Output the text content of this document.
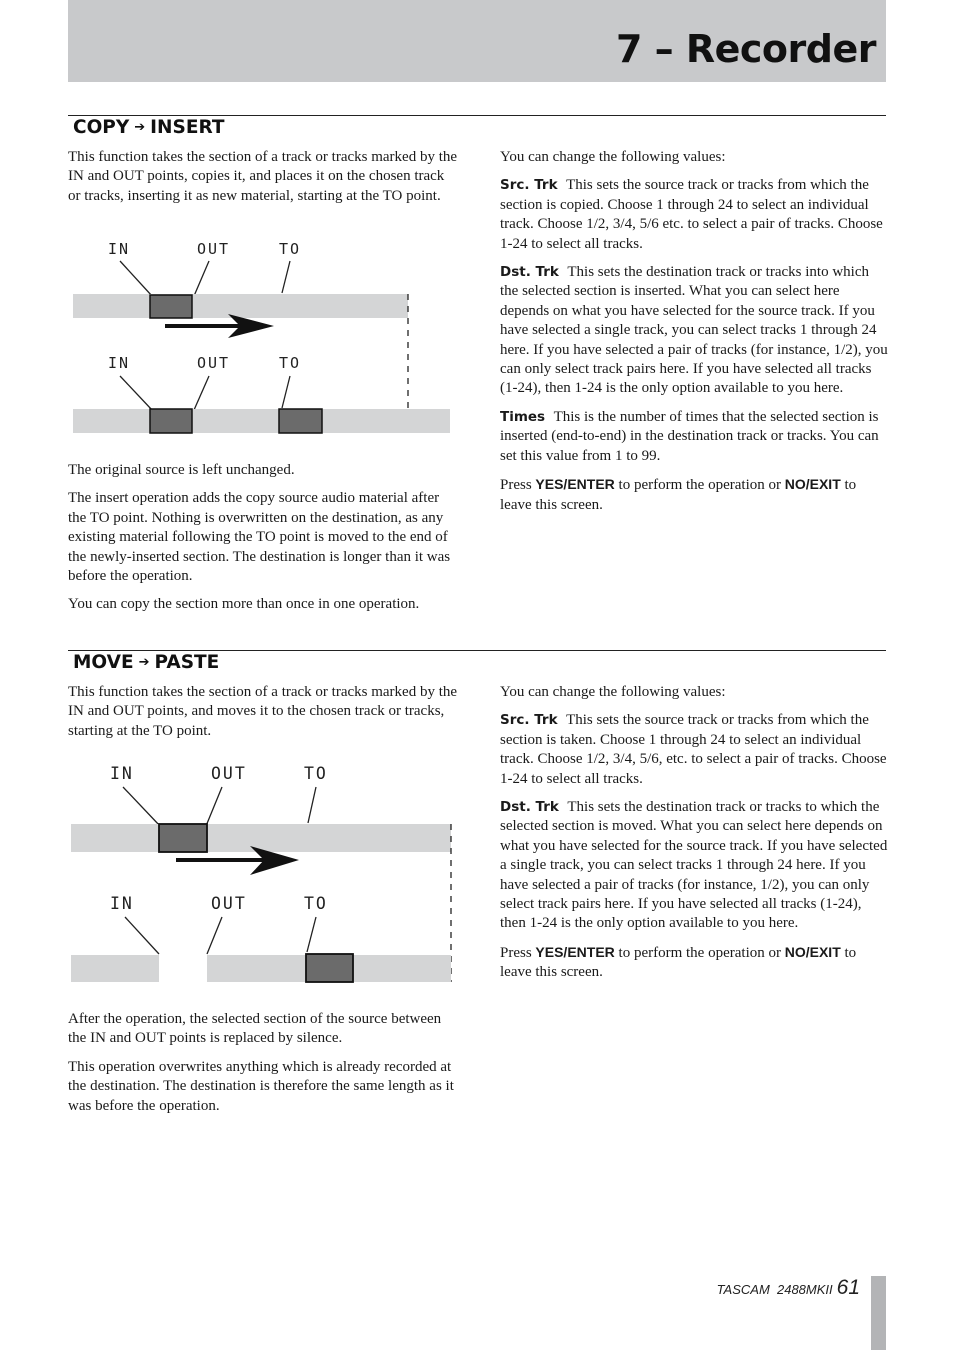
7 – Recorder
COPY ➔ INSERT

This function takes the section of a track or tracks marked by the IN and OUT points, copies it, and places it on the chosen track or tracks, inserting it as new material, starting at the TO point.

IN	OUT	TO
IN	OUT	TO

The original source is left unchanged.

The insert operation adds the copy source audio material after the TO point. Nothing is overwritten on the destination, as any existing material following the TO point is moved to the end of the newly-inserted section. The destination is longer than it was before the operation.

You can copy the section more than once in one operation.

You can change the following values:

Src. Trk This sets the source track or tracks from which the section is copied. Choose 1 through 24 to select an individual track. Choose 1/2, 3/4, 5/6 etc. to select a pair of tracks. Choose 1-24 to select all tracks.

Dst. Trk This sets the destination track or tracks into which the selected section is inserted. What you can select here depends on what you have selected for the source track. If you have selected a single track, you can select tracks 1 through 24 here. If you have selected a pair of tracks (for instance, 1/2), you can only select track pairs here. If you have selected all tracks (1-24), then 1-24 is the only option available to you here.

Times This is the number of times that the selected section is inserted (end-to-end) in the destination track or tracks. You can set this value from 1 to 99.

Press YES/ENTER to perform the operation or NO/EXIT to leave this screen.

MOVE ➔ PASTE

This function takes the section of a track or tracks marked by the IN and OUT points, and moves it to the chosen track or tracks, starting at the TO point.

IN	OUT	TO
IN	OUT	TO

After the operation, the selected section of the source between the IN and OUT points is replaced by silence.

This operation overwrites anything which is already recorded at the destination. The destination is therefore the same length as it was before the operation.

You can change the following values:

Src. Trk This sets the source track or tracks from which the section is taken. Choose 1 through 24 to select an individual track. Choose 1/2, 3/4, 5/6, etc. to select a pair of tracks. Choose 1-24 to select all tracks.

Dst. Trk This sets the destination track or tracks to which the selected section is moved. What you can select here depends on what you have selected for the source track. If you have selected a single track, you can select tracks 1 through 24 here. If you have selected a pair of tracks (for instance, 1/2), you can only select track pairs here. If you have selected all tracks (1-24), then 1-24 is the only option available to you here.

Press YES/ENTER to perform the operation or NO/EXIT to leave this screen.

TASCAM  2488MKII 61
